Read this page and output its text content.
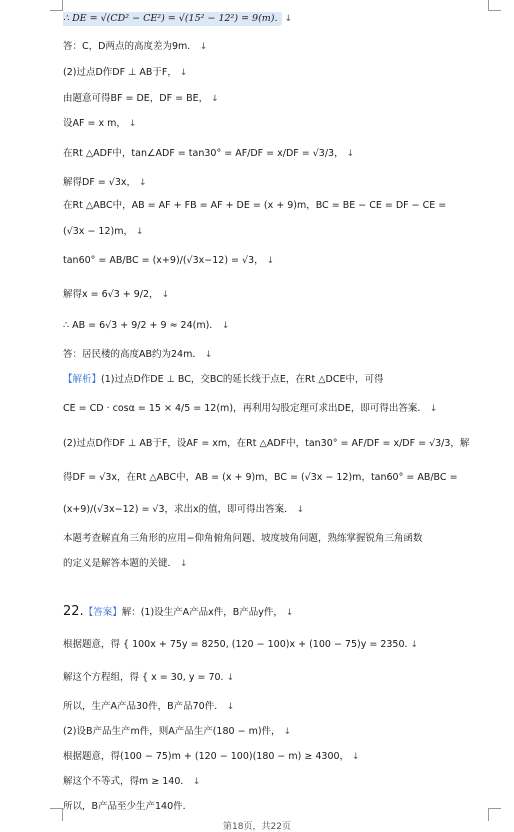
∴ DE = √(CD² − CE²) = √(15² − 12²) = 9(m). ↓
答：C，D两点的高度差为9m． ↓
(2)过点D作DF ⊥ AB于F， ↓
由题意可得BF = DE，DF = BE， ↓
设AF = x m， ↓
在Rt △ADF中，tan∠ADF = tan30° = AF/DF = x/DF = √3/3， ↓
解得DF = √3x， ↓
在Rt △ABC中，AB = AF + FB = AF + DE = (x + 9)m，BC = BE − CE = DF − CE =
(√3x − 12)m， ↓
tan60° = AB/BC = (x+9)/(√3x−12) = √3， ↓
解得x = 6√3 + 9/2， ↓
∴ AB = 6√3 + 9/2 + 9 ≈ 24(m)． ↓
答：居民楼的高度AB约为24m． ↓
【解析】(1)过点D作DE ⊥ BC，交BC的延长线于点E，在Rt △DCE中，可得
CE = CD · cosα = 15 × 4/5 = 12(m)，再利用勾股定理可求出DE，即可得出答案． ↓
(2)过点D作DF ⊥ AB于F，设AF = xm，在Rt △ADF中，tan30° = AF/DF = x/DF = √3/3，解
得DF = √3x，在Rt △ABC中，AB = (x + 9)m，BC = (√3x − 12)m，tan60° = AB/BC =
(x+9)/(√3x−12) = √3，求出x的值，即可得出答案． ↓
本题考查解直角三角形的应用−仰角俯角问题、坡度坡角问题，熟练掌握锐角三角函数
的定义是解答本题的关键． ↓
22.【答案】解：(1)设生产A产品x件，B产品y件， ↓
根据题意，得 { 100x + 75y = 8250, (120 − 100)x + (100 − 75)y = 2350. ↓
解这个方程组，得 { x = 30, y = 70. ↓
所以，生产A产品30件，B产品70件． ↓
(2)设B产品生产m件，则A产品生产(180 − m)件， ↓
根据题意，得(100 − 75)m + (120 − 100)(180 − m) ≥ 4300， ↓
解这个不等式，得m ≥ 140． ↓
所以，B产品至少生产140件．
第18页，共22页
